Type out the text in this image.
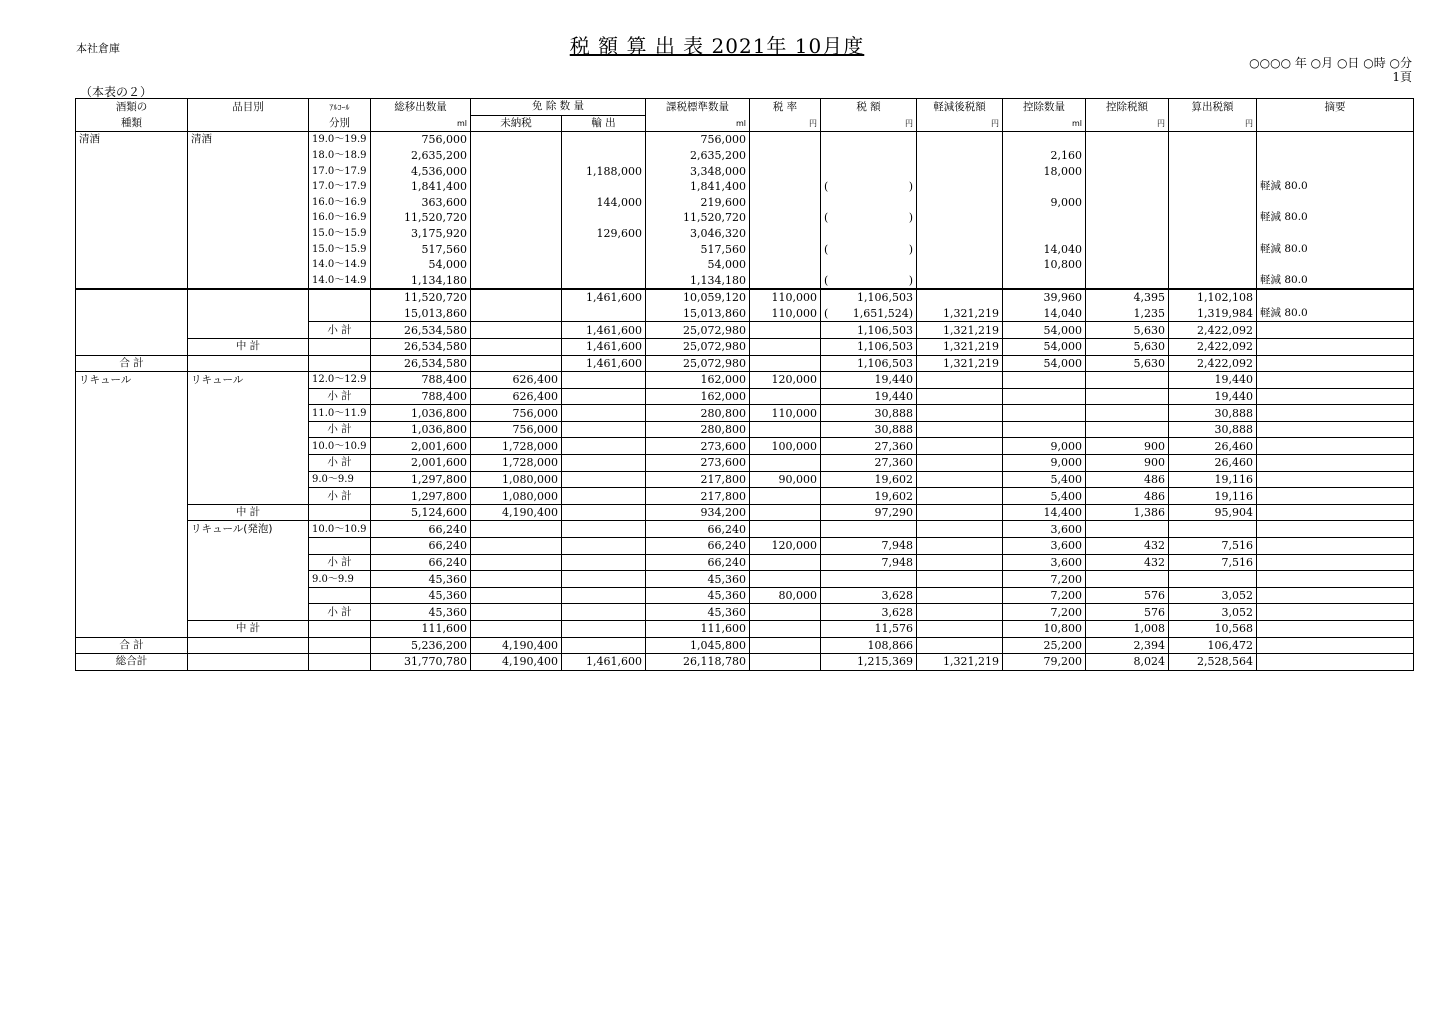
本社倉庫	税 額 算 出 表 2021年 10月度
○○○○ 年 ○月 ○日 ○時 ○分
1頁
（本表の２）
酒類の	品目別	ｱﾙｺｰﾙ	総移出数量	免 除 数 量		課税標準数量	税 率	税 額	軽減後税額	控除数量	控除税額	算出税額	摘要
種類		分別	ml	未納税	輸 出	ml	円	円	円	ml	円	円	
清酒	清酒	19.0～19.9	756,000			756,000							
		18.0～18.9	2,635,200			2,635,200				2,160			
		17.0～17.9	4,536,000		1,188,000	3,348,000				18,000			
		17.0～17.9	1,841,400			1,841,400		( )					軽減 80.0
		16.0～16.9	363,600		144,000	219,600				9,000			
		16.0～16.9	11,520,720			11,520,720		( )					軽減 80.0
		15.0～15.9	3,175,920		129,600	3,046,320							
		15.0～15.9	517,560			517,560		( )		14,040			軽減 80.0
		14.0～14.9	54,000			54,000				10,800			
		14.0～14.9	1,134,180			1,134,180		( )					軽減 80.0
			11,520,720		1,461,600	10,059,120	110,000	1,106,503		39,960	4,395	1,102,108	
			15,013,860			15,013,860	110,000	( 1,651,524 )	1,321,219	14,040	1,235	1,319,984	軽減 80.0
		小 計	26,534,580		1,461,600	25,072,980		1,106,503	1,321,219	54,000	5,630	2,422,092	
	中 計		26,534,580		1,461,600	25,072,980		1,106,503	1,321,219	54,000	5,630	2,422,092	
合 計			26,534,580		1,461,600	25,072,980		1,106,503	1,321,219	54,000	5,630	2,422,092	
リキュール	リキュール	12.0～12.9	788,400	626,400		162,000	120,000	19,440				19,440	
		小 計	788,400	626,400		162,000		19,440				19,440	
		11.0～11.9	1,036,800	756,000		280,800	110,000	30,888				30,888	
		小 計	1,036,800	756,000		280,800		30,888				30,888	
		10.0～10.9	2,001,600	1,728,000		273,600	100,000	27,360		9,000	900	26,460	
		小 計	2,001,600	1,728,000		273,600		27,360		9,000	900	26,460	
		9.0～9.9	1,297,800	1,080,000		217,800	90,000	19,602		5,400	486	19,116	
		小 計	1,297,800	1,080,000		217,800		19,602		5,400	486	19,116	
	中 計		5,124,600	4,190,400		934,200		97,290		14,400	1,386	95,904	
	リキュール(発泡)	10.0～10.9	66,240			66,240				3,600			
			66,240			66,240	120,000	7,948		3,600	432	7,516	
		小 計	66,240			66,240		7,948		3,600	432	7,516	
		9.0～9.9	45,360			45,360				7,200			
			45,360			45,360	80,000	3,628		7,200	576	3,052	
		小 計	45,360			45,360		3,628		7,200	576	3,052	
	中 計		111,600			111,600		11,576		10,800	1,008	10,568	
合 計			5,236,200	4,190,400		1,045,800		108,866		25,200	2,394	106,472	
総合計			31,770,780	4,190,400	1,461,600	26,118,780		1,215,369	1,321,219	79,200	8,024	2,528,564	
